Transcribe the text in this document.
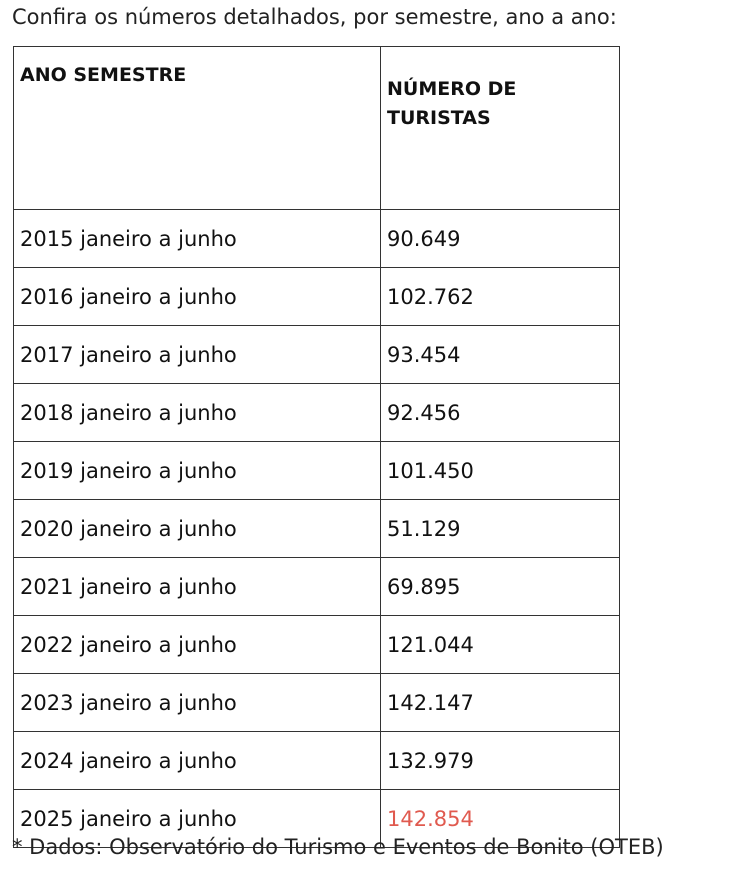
Confira os números detalhados, por semestre, ano a ano:
ANO SEMESTRE	NÚMERO DE TURISTAS
2015 janeiro a junho	90.649
2016 janeiro a junho	102.762
2017 janeiro a junho	93.454
2018 janeiro a junho	92.456
2019 janeiro a junho	101.450
2020 janeiro a junho	51.129
2021 janeiro a junho	69.895
2022 janeiro a junho	121.044
2023 janeiro a junho	142.147
2024 janeiro a junho	132.979
2025 janeiro a junho	142.854
* Dados: Observatório do Turismo e Eventos de Bonito (OTEB)
